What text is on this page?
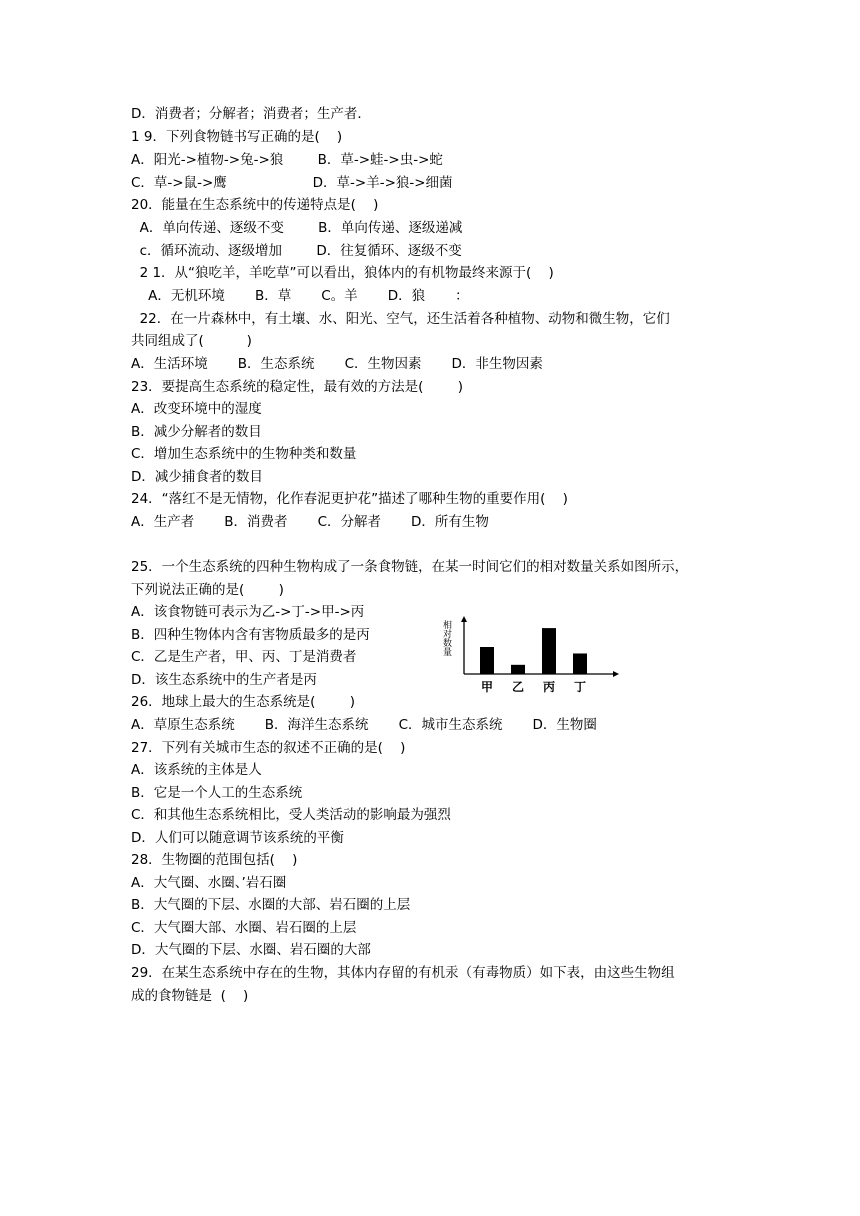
D．消费者；分解者；消费者；生产者．
1 9．下列食物链书写正确的是(    )
A．阳光->植物->兔->狼        B．草->蛙->虫->蛇
C．草->鼠->鹰                    D．草->羊->狼->细菌
20．能量在生态系统中的传递特点是(    )
A．单向传递、逐级不变        B．单向传递、逐级递减
c．循环流动、逐级增加        D．往复循环、逐级不变
2 1．从“狼吃羊，羊吃草”可以看出，狼体内的有机物最终来源于(    )
A．无机环境       B．草       C。羊       D．狼       ：
22．在一片森林中，有土壤、水、阳光、空气，还生活着各种植物、动物和微生物，它们
共同组成了(          )
A．生活环境       B．生态系统       C．生物因素       D．非生物因素
23．要提高生态系统的稳定性，最有效的方法是(        )
A．改变环境中的湿度
B．减少分解者的数目
C．增加生态系统中的生物种类和数量
D．减少捕食者的数目
24．“落红不是无情物，化作春泥更护花”描述了哪种生物的重要作用(    )
A．生产者       B．消费者       C．分解者       D．所有生物
25．一个生态系统的四种生物构成了一条食物链，在某一时间它们的相对数量关系如图所示，
下列说法正确的是(        )
A．该食物链可表示为乙->丁->甲->丙
B．四种生物体内含有害物质最多的是丙
C．乙是生产者，甲、丙、丁是消费者
D．该生态系统中的生产者是丙
26．地球上最大的生态系统是(        )
A．草原生态系统       B．海洋生态系统       C．城市生态系统       D．生物圈
27．下列有关城市生态的叙述不正确的是(    )
A．该系统的主体是人
B．它是一个人工的生态系统
C．和其他生态系统相比，受人类活动的影响最为强烈
D．人们可以随意调节该系统的平衡
28．生物圈的范围包括(    )
A．大气圈、水圈、’岩石圈
B．大气圈的下层、水圈的大部、岩石圈的上层
C．大气圈大部、水圈、岩石圈的上层
D．大气圈的下层、水圈、岩石圈的大部
29．在某生态系统中存在的生物，其体内存留的有机汞（有毒物质）如下表，由这些生物组
成的食物链是  (    )
相对数量
甲 乙 丙 丁
